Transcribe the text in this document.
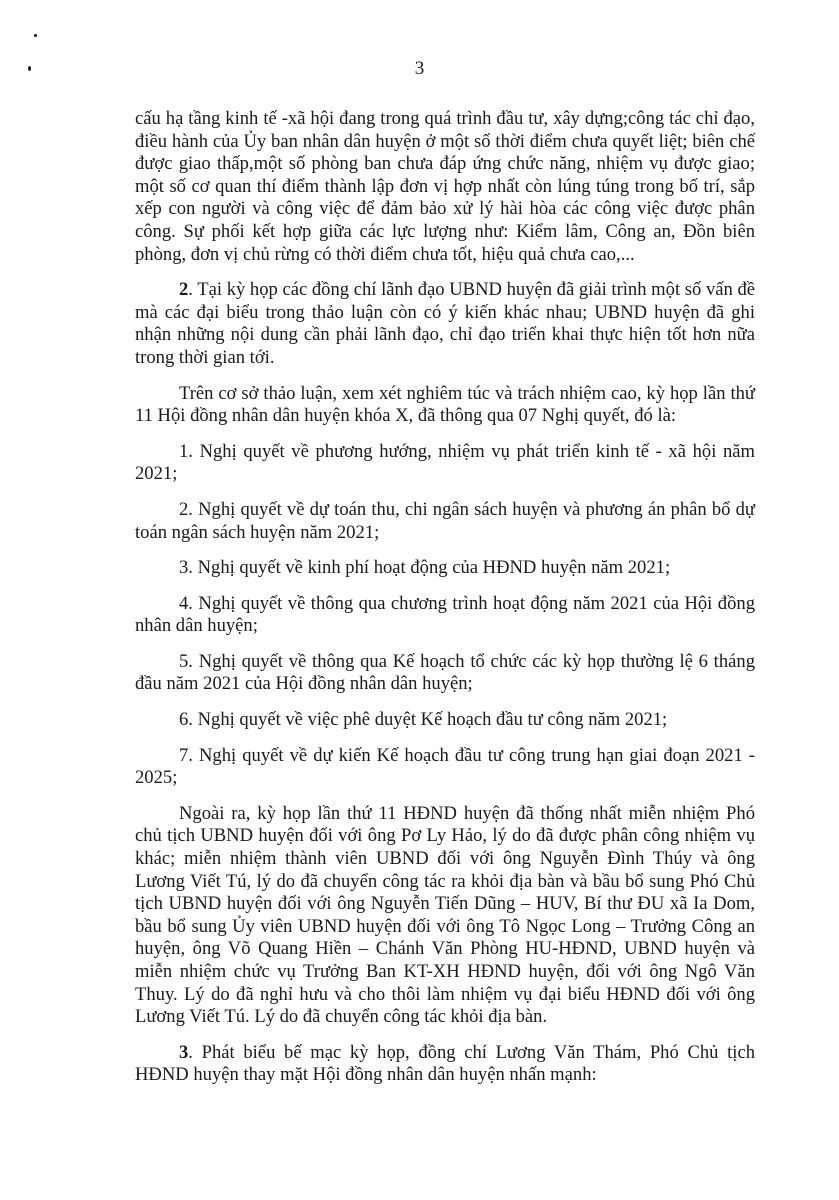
3

cấu hạ tầng kinh tế -xã hội đang trong quá trình đầu tư, xây dựng;công tác chỉ đạo, điều hành của Ủy ban nhân dân huyện ở một số thời điểm chưa quyết liệt; biên chế được giao thấp,một số phòng ban chưa đáp ứng chức năng, nhiệm vụ được giao; một số cơ quan thí điểm thành lập đơn vị hợp nhất còn lúng túng trong bố trí, sắp xếp con người và công việc để đảm bảo xử lý hài hòa các công việc được phân công. Sự phối kết hợp giữa các lực lượng như: Kiểm lâm, Công an, Đồn biên phòng, đơn vị chủ rừng có thời điểm chưa tốt, hiệu quả chưa cao,...

2. Tại kỳ họp các đồng chí lãnh đạo UBND huyện đã giải trình một số vấn đề mà các đại biểu trong thảo luận còn có ý kiến khác nhau; UBND huyện đã ghi nhận những nội dung cần phải lãnh đạo, chỉ đạo triển khai thực hiện tốt hơn nữa trong thời gian tới.

Trên cơ sở thảo luận, xem xét nghiêm túc và trách nhiệm cao, kỳ họp lần thứ 11 Hội đồng nhân dân huyện khóa X, đã thông qua 07 Nghị quyết, đó là:

1. Nghị quyết về phương hướng, nhiệm vụ phát triển kinh tế - xã hội năm 2021;

2. Nghị quyết về dự toán thu, chi ngân sách huyện và phương án phân bổ dự toán ngân sách huyện năm 2021;

3. Nghị quyết về kinh phí hoạt động của HĐND huyện năm 2021;

4. Nghị quyết về thông qua chương trình hoạt động năm 2021 của Hội đồng nhân dân huyện;

5. Nghị quyết về thông qua Kế hoạch tổ chức các kỳ họp thường lệ 6 tháng đầu năm 2021 của Hội đồng nhân dân huyện;

6. Nghị quyết về việc phê duyệt Kế hoạch đầu tư công năm 2021;

7. Nghị quyết về dự kiến Kế hoạch đầu tư công trung hạn giai đoạn 2021 - 2025;

Ngoài ra, kỳ họp lần thứ 11 HĐND huyện đã thống nhất miễn nhiệm Phó chủ tịch UBND huyện đối với ông Pơ Ly Hảo, lý do đã được phân công nhiệm vụ khác; miễn nhiệm thành viên UBND đối với ông Nguyễn Đình Thúy và ông Lương Viết Tú, lý do đã chuyển công tác ra khỏi địa bàn và bầu bổ sung Phó Chủ tịch UBND huyện đối với ông Nguyễn Tiến Dũng – HUV, Bí thư ĐU xã Ia Dom, bầu bổ sung Ủy viên UBND huyện đối với ông Tô Ngọc Long – Trưởng Công an huyện, ông Võ Quang Hiền – Chánh Văn Phòng HU-HĐND, UBND huyện và miễn nhiệm chức vụ Trưởng Ban KT-XH HĐND huyện, đối với ông Ngô Văn Thuy. Lý do đã nghỉ hưu và cho thôi làm nhiệm vụ đại biểu HĐND đối với ông Lương Viết Tú. Lý do đã chuyển công tác khỏi địa bàn.

3. Phát biểu bế mạc kỳ họp, đồng chí Lương Văn Thám, Phó Chủ tịch HĐND huyện thay mặt Hội đồng nhân dân huyện nhấn mạnh:
